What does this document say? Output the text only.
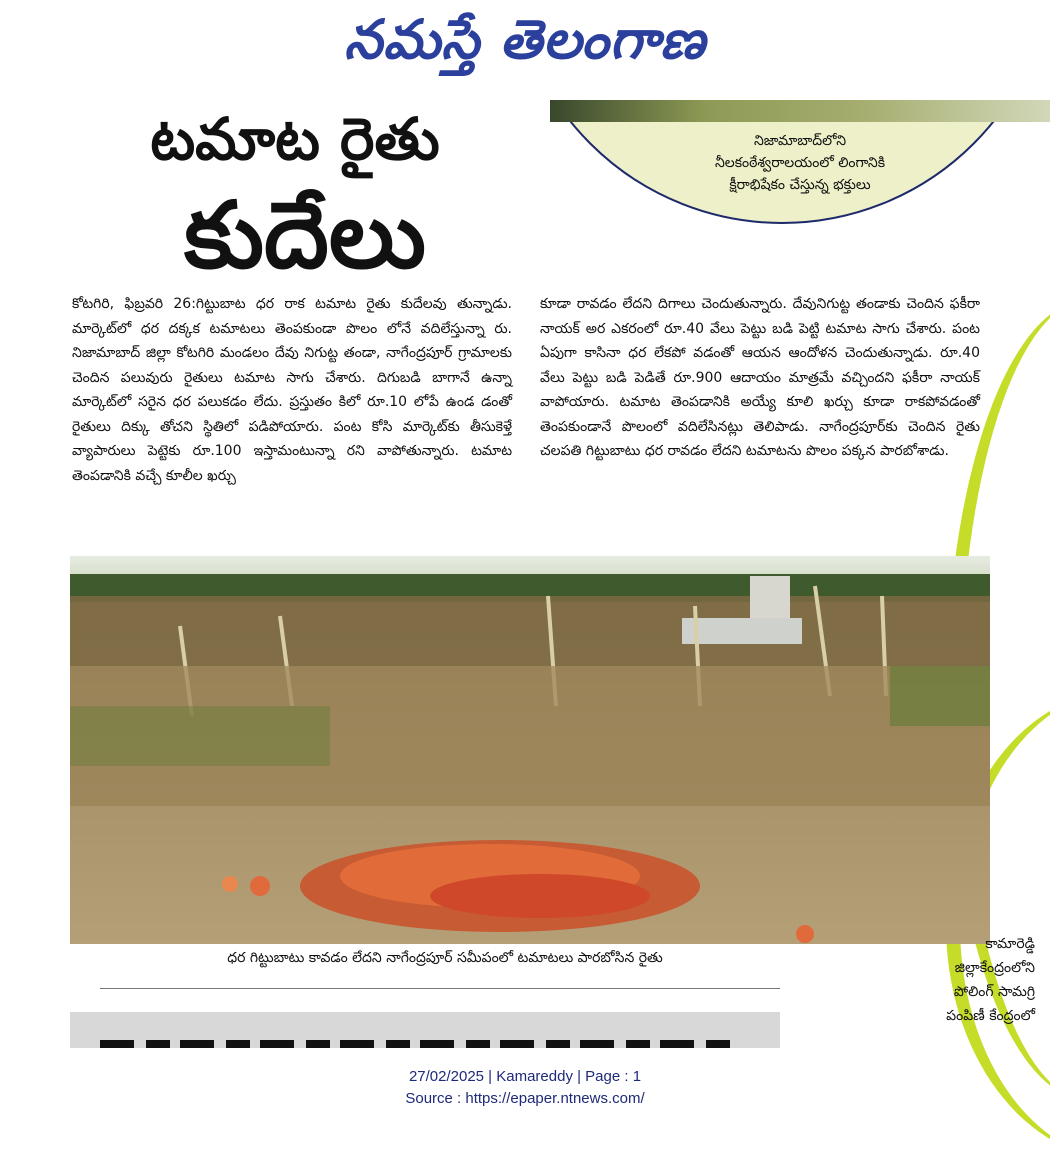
నమస్తే తెలంగాణ
నిజామాబాద్‌లోని
నీలకంఠేశ్వరాలయంలో లింగానికి
క్షీరాభిషేకం చేస్తున్న భక్తులు
టమాట రైతు
కుదేలు
కోటగిరి, ఫిబ్రవరి 26:గిట్టుబాట ధర రాక టమాట రైతు కుదేలవు తున్నాడు. మార్కెట్‌లో ధర దక్కక టమాటలు తెంపకుండా పొలం లోనే వదిలేస్తున్నా రు. నిజామాబాద్ జిల్లా కోటగిరి మండలం దేవు నిగుట్ట తండా, నాగేంద్రపూర్ గ్రామాలకు చెందిన పలువురు రైతులు టమాట సాగు చేశారు. దిగుబడి బాగానే ఉన్నా మార్కెట్‌లో సరైన ధర పలుకడం లేదు. ప్రస్తుతం కిలో రూ.10 లోపే ఉండ డంతో రైతులు దిక్కు తోచని స్థితిలో పడిపోయారు. పంట కోసి మార్కెట్‌కు తీసుకెళ్తే వ్యాపారులు పెట్టెకు రూ.100 ఇస్తామంటున్నా రని వాపోతున్నారు. టమాట తెంపడానికి వచ్చే కూలీల ఖర్చు
కూడా రావడం లేదని దిగాలు చెందుతున్నారు. దేవునిగుట్ట తండాకు చెందిన ఫకీరా నాయక్ అర ఎకరంలో రూ.40 వేలు పెట్టు బడి పెట్టి టమాట సాగు చేశారు. పంట ఏపుగా కాసినా ధర లేకపో వడంతో ఆయన ఆందోళన చెందుతున్నాడు. రూ.40 వేలు పెట్టు బడి పెడితే రూ.900 ఆదాయం మాత్రమే వచ్చిందని ఫకీరా నాయక్ వాపోయారు. టమాట తెంపడానికి అయ్యే కూలి ఖర్చు కూడా రాకపోవడంతో తెంపకుండానే పొలంలో వదిలేసినట్లు తెలిపాడు. నాగేంద్రపూర్‌కు చెందిన రైతు చలపతి గిట్టుబాటు ధర రావడం లేదని టమాటను పొలం పక్కన పారబోశాడు.
ధర గిట్టుబాటు కావడం లేదని నాగేంద్రపూర్ సమీపంలో టమాటలు పారబోసిన రైతు
కామారెడ్డి
జిల్లాకేంద్రంలోని
పోలింగ్ సామగ్రి
పంపిణీ కేంద్రంలో
27/02/2025 | Kamareddy | Page : 1
Source : https://epaper.ntnews.com/
